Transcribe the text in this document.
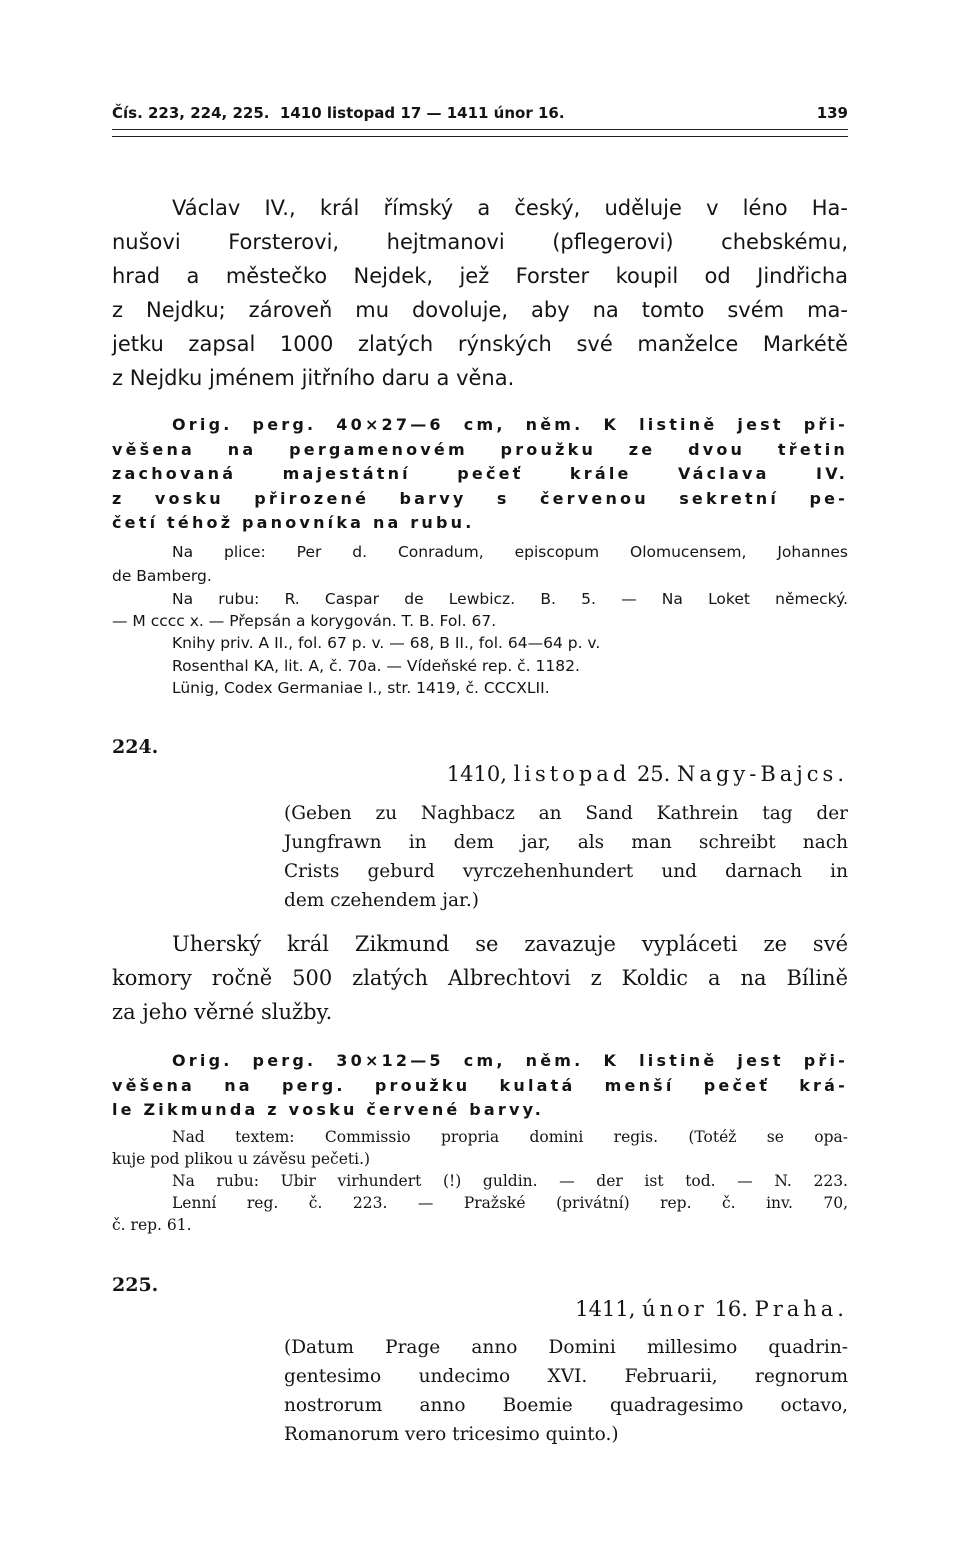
Čís. 223, 224, 225.  1410 listopad 17 — 1411 únor 16.	139
Václav IV., král římský a český, uděluje v léno Ha-
nušovi Forsterovi, hejtmanovi (pflegerovi) chebskému,
hrad a městečko Nejdek, jež Forster koupil od Jindřicha
z Nejdku; zároveň mu dovoluje, aby na tomto svém ma-
jetku zapsal 1000 zlatých rýnských své manželce Markétě
z Nejdku jménem jitřního daru a věna.
Orig. perg. 40×27—6 cm, něm. K listině jest při-
věšena na pergamenovém proužku ze dvou třetin
zachovaná majestátní pečeť krále Václava IV.
z vosku přirozené barvy s červenou sekretní pe-
četí téhož panovníka na rubu.
Na plice: Per d. Conradum, episcopum Olomucensem, Johannes
de Bamberg.
Na rubu: R. Caspar de Lewbicz. B. 5. — Na Loket německý.
— M cccc x. — Přepsán a korygován. T. B. Fol. 67.
Knihy priv. A II., fol. 67 p. v. — 68, B II., fol. 64—64 p. v.
Rosenthal KA, lit. A, č. 70a. — Vídeňské rep. č. 1182.
Lünig, Codex Germaniae I., str. 1419, č. CCCXLII.
224.
1410, listopad 25. Nagy-Bajcs.
(Geben zu Naghbacz an Sand Kathrein tag der
Jungfrawn in dem jar, als man schreibt nach
Crists geburd vyrczehenhundert und darnach in
dem czehendem jar.)
Uherský král Zikmund se zavazuje vypláceti ze své
komory ročně 500 zlatých Albrechtovi z Koldic a na Bílině
za jeho věrné služby.
Orig. perg. 30×12—5 cm, něm. K listině jest při-
věšena na perg. proužku kulatá menší pečeť krá-
le Zikmunda z vosku červené barvy.
Nad textem: Commissio propria domini regis. (Totéž se opa-
kuje pod plikou u závěsu pečeti.)
Na rubu: Ubir virhundert (!) guldin. — der ist tod. — N. 223.
Lenní reg. č. 223. — Pražské (privátní) rep. č. inv. 70,
č. rep. 61.
225.
1411, únor 16. Praha.
(Datum Prage anno Domini millesimo quadrin-
gentesimo undecimo XVI. Februarii, regnorum
nostrorum anno Boemie quadragesimo octavo,
Romanorum vero tricesimo quinto.)
